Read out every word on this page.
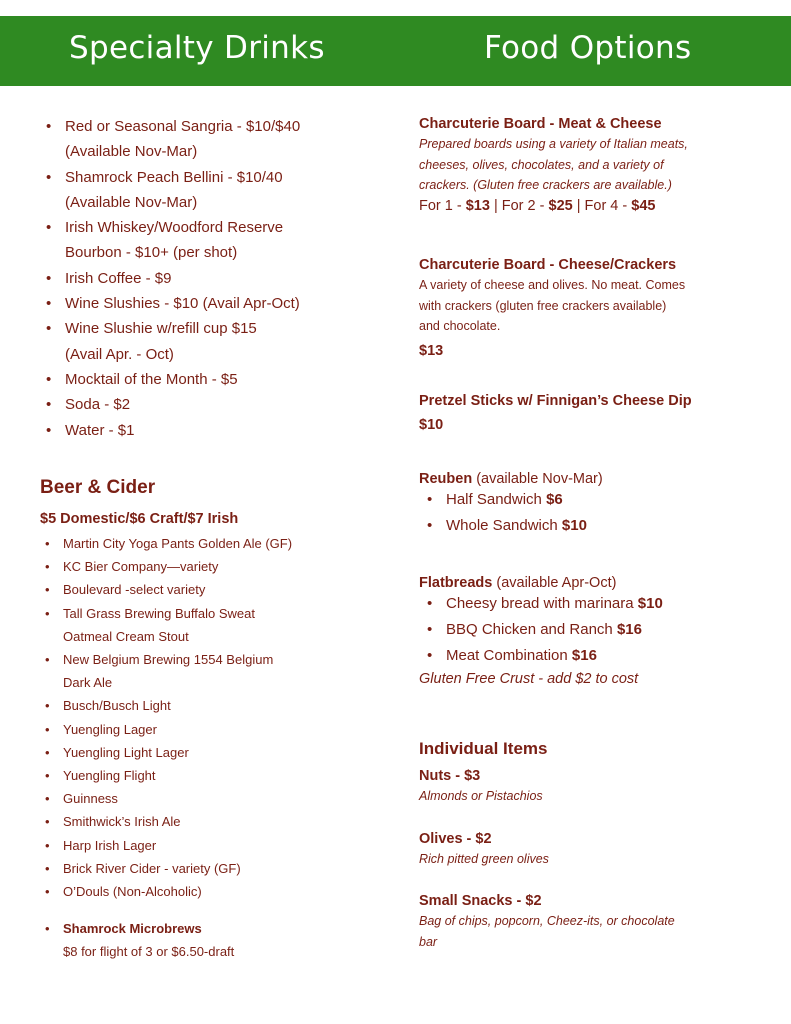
Specialty Drinks	Food Options
• Red or Seasonal Sangria - $10/$40
(Available Nov-Mar)
• Shamrock Peach Bellini - $10/40
(Available Nov-Mar)
• Irish Whiskey/Woodford Reserve
Bourbon - $10+ (per shot)
• Irish Coffee - $9
• Wine Slushies - $10 (Avail Apr-Oct)
• Wine Slushie w/refill cup $15
(Avail Apr. - Oct)
• Mocktail of the Month - $5
• Soda - $2
• Water - $1
Beer & Cider
$5 Domestic/$6 Craft/$7 Irish
• Martin City Yoga Pants Golden Ale (GF)
• KC Bier Company—variety
• Boulevard -select variety
• Tall Grass Brewing Buffalo Sweat
Oatmeal Cream Stout
• New Belgium Brewing 1554 Belgium
Dark Ale
• Busch/Busch Light
• Yuengling Lager
• Yuengling Light Lager
• Yuengling Flight
• Guinness
• Smithwick’s Irish Ale
• Harp Irish Lager
• Brick River Cider - variety (GF)
• O’Douls (Non-Alcoholic)
• Shamrock Microbrews
$8 for flight of 3 or $6.50-draft

Charcuterie Board - Meat & Cheese

Prepared boards using a variety of Italian meats,
cheeses, olives, chocolates, and a variety of
crackers. (Gluten free crackers are available.)

For 1 - $13 | For 2 - $25 | For 4 - $45

Charcuterie Board - Cheese/Crackers

A variety of cheese and olives. No meat. Comes
with crackers (gluten free crackers available)
and chocolate.

$13

Pretzel Sticks w/ Finnigan’s Cheese Dip

$10

Reuben (available Nov-Mar)

• Half Sandwich $6
• Whole Sandwich $10

Flatbreads (available Apr-Oct)

• Cheesy bread with marinara $10
• BBQ Chicken and Ranch $16
• Meat Combination $16

Gluten Free Crust - add $2 to cost

Individual Items

Nuts - $3

Almonds or Pistachios

Olives - $2

Rich pitted green olives

Small Snacks - $2

Bag of chips, popcorn, Cheez-its, or chocolate
bar
